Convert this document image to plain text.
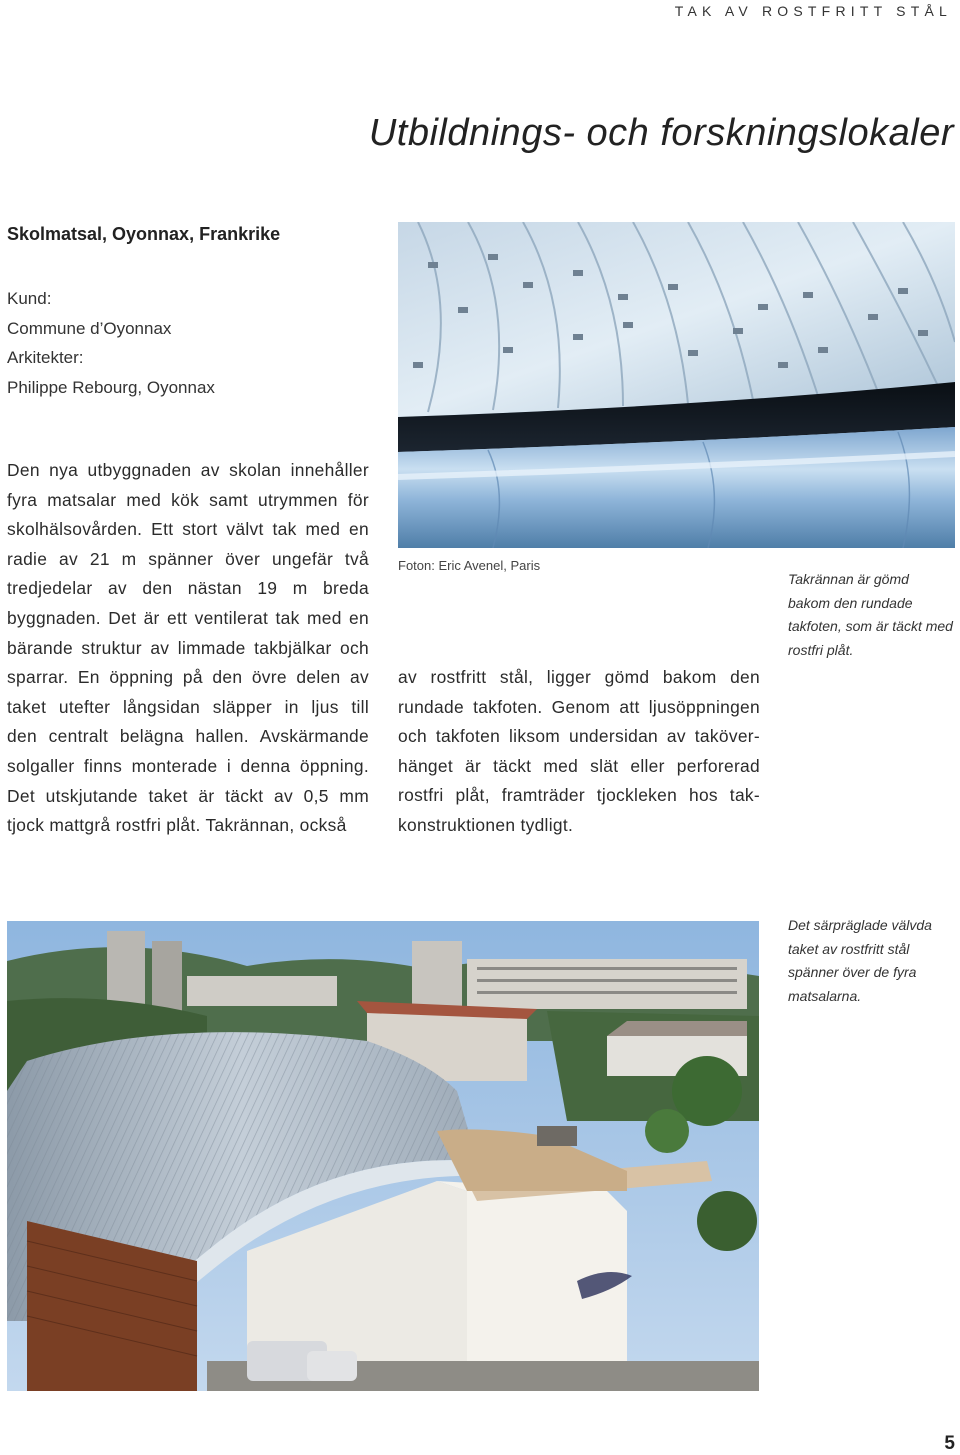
TAK AV ROSTFRITT STÅL
Utbildnings- och forskningslokaler
Skolmatsal, Oyonnax, Frankrike
Kund:
Commune d’Oyonnax
Arkitekter:
Philippe Rebourg, Oyonnax
Den nya utbyggnaden av skolan innehåller
fyra matsalar med kök samt utrymmen för
skolhälsovården. Ett stort välvt tak med en
radie av 21 m spänner över ungefär två
tredjedelar av den nästan 19 m breda
byggnaden. Det är ett ventilerat tak med en
bärande struktur av limmade takbjälkar och
sparrar. En öppning på den övre delen av
taket utefter långsidan släpper in ljus till
den centralt belägna hallen. Avskärmande
solgaller finns monterade i denna öppning.
Det utskjutande taket är täckt av 0,5 mm
tjock mattgrå rostfri plåt. Takrännan, också
av rostfritt stål, ligger gömd bakom den
rundade takfoten. Genom att ljusöppningen
och takfoten liksom undersidan av taköver-
hänget är täckt med slät eller perforerad
rostfri plåt, framträder tjockleken hos tak-
konstruktionen tydligt.
Foton: Eric Avenel, Paris
Takrännan är gömd bakom den rundade takfoten, som är täckt med rostfri plåt.
Det särpräglade välvda taket av rostfritt stål spänner över de fyra matsalarna.
5
